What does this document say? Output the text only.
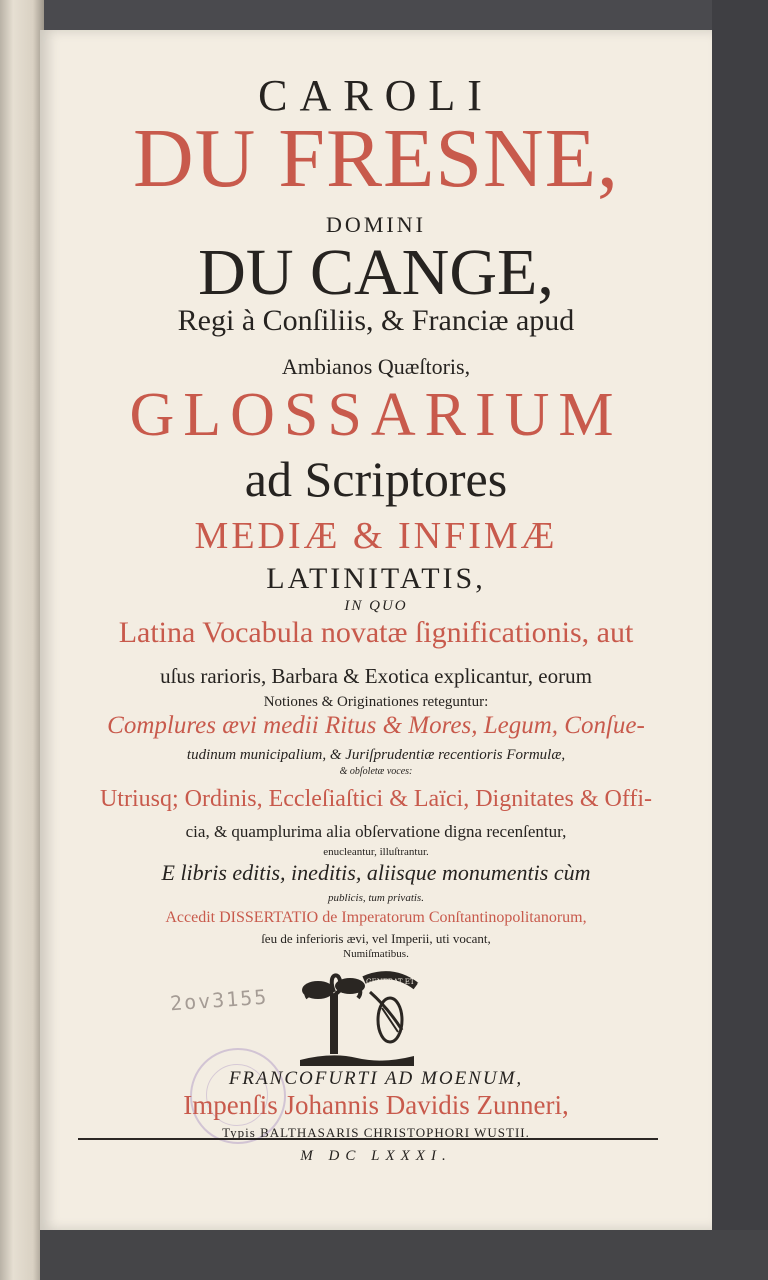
CAROLI
DU FRESNE,
DOMINI
DU CANGE,
Regi à Conſiliis, & Franciæ apud
Ambianos Quæſtoris,
GLOSSARIUM
ad Scriptores
MEDIÆ & INFIMÆ
LATINITATIS,
IN QUO
Latina Vocabula novatæ ſignificationis, aut
uſus rarioris, Barbara & Exotica explicantur, eorum
Notiones & Originationes reteguntur:
Complures ævi medii Ritus & Mores, Legum, Conſue-
tudinum municipalium, & Juriſprudentiæ recentioris Formulæ,
& obſoletæ voces:
Utriusq; Ordinis, Eccleſiaſtici & Laïci, Dignitates & Offi-
cia, & quamplurima alia obſervatione digna recenſentur,
enucleantur, illuſtrantur.
E libris editis, ineditis, aliisque monumentis cùm
publicis, tum privatis.
Accedit DISSERTATIO de Imperatorum Conſtantinopolitanorum,
ſeu de inferioris ævi, vel Imperii, uti vocant,
Numiſmatibus.
2ov3155
GENERAT ET NUTRIT
FRANCOFURTI AD MOENUM,
Impenſis Johannis Davidis Zunneri,
Typis BALTHASARIS CHRISTOPHORI WUSTII.
M DC LXXXI.
